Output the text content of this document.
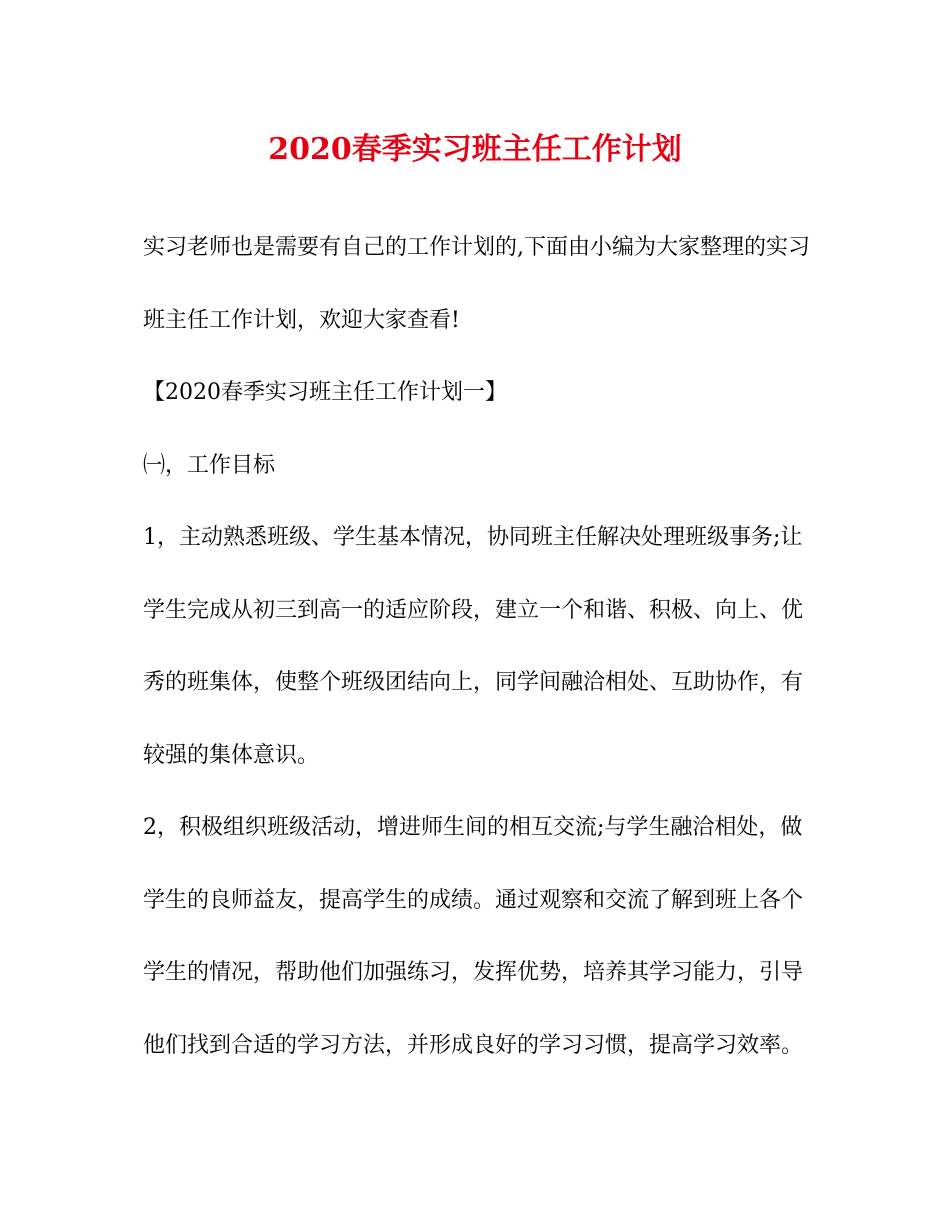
2020春季实习班主任工作计划

实习老师也是需要有自己的工作计划的,下面由小编为大家整理的实习班主任工作计划，欢迎大家查看!

【2020春季实习班主任工作计划一】

㈠，工作目标

1，主动熟悉班级、学生基本情况，协同班主任解决处理班级事务;让学生完成从初三到高一的适应阶段，建立一个和谐、积极、向上、优秀的班集体，使整个班级团结向上，同学间融洽相处、互助协作，有较强的集体意识。

2，积极组织班级活动，增进师生间的相互交流;与学生融洽相处，做学生的良师益友，提高学生的成绩。通过观察和交流了解到班上各个学生的情况，帮助他们加强练习，发挥优势，培养其学习能力，引导他们找到合适的学习方法，并形成良好的学习习惯，提高学习效率。
